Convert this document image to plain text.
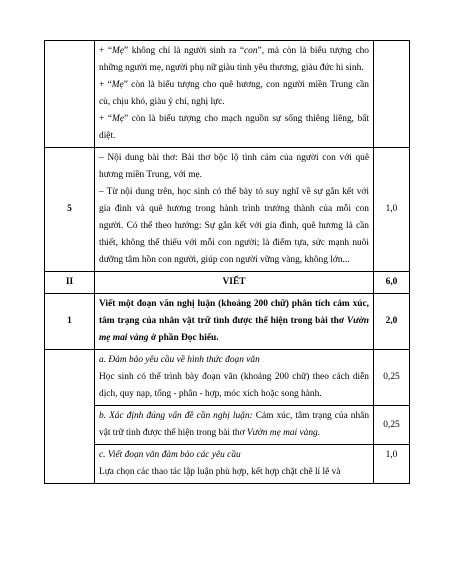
	+ “Mẹ” không chỉ là người sinh ra “con”, mà còn là biểu tượng cho những người mẹ, người phụ nữ giàu tình yêu thương, giàu đức hi sinh.

+ “Mẹ” còn là biểu tượng cho quê hương, con người miền Trung cần cù, chịu khó, giàu ý chí, nghị lực.

+ “Mẹ” còn là biểu tượng cho mạch nguồn sự sống thiêng liêng, bất diệt.	

5	– Nội dung bài thơ: Bài thơ bộc lộ tình cảm của người con với quê hương miền Trung, với mẹ.

– Từ nội dung trên, học sinh có thể bày tỏ suy nghĩ về sự gắn kết với gia đình và quê hương trong hành trình trưởng thành của mỗi con người. Có thể theo hướng: Sự gắn kết với gia đình, quê hương là cần thiết, không thể thiếu với mỗi con người; là điểm tựa, sức mạnh nuôi dưỡng tâm hồn con người, giúp con người vững vàng, không lớn...	1,0
II	VIẾT	6,0
1	Viết một đoạn văn nghị luận (khoảng 200 chữ) phân tích cảm xúc, tâm trạng của nhân vật trữ tình được thể hiện trong bài thơ Vườn mẹ mai vàng ở phần Đọc hiểu.	2,0

	a. Đảm bảo yêu cầu về hình thức đoạn văn

Học sinh có thể trình bày đoạn văn (khoảng 200 chữ) theo cách diễn dịch, quy nạp, tổng - phân - hợp, móc xích hoặc song hành.	0,25
	b. Xác định đúng vấn đề cần nghị luận: Cảm xúc, tâm trạng của nhân vật trữ tình được thể hiện trong bài thơ Vườn mẹ mai vàng.	0,25

	c. Viết đoạn văn đảm bảo các yêu cầu

Lựa chọn các thao tác lập luận phù hợp, kết hợp chặt chẽ lí lẽ và	1,0
